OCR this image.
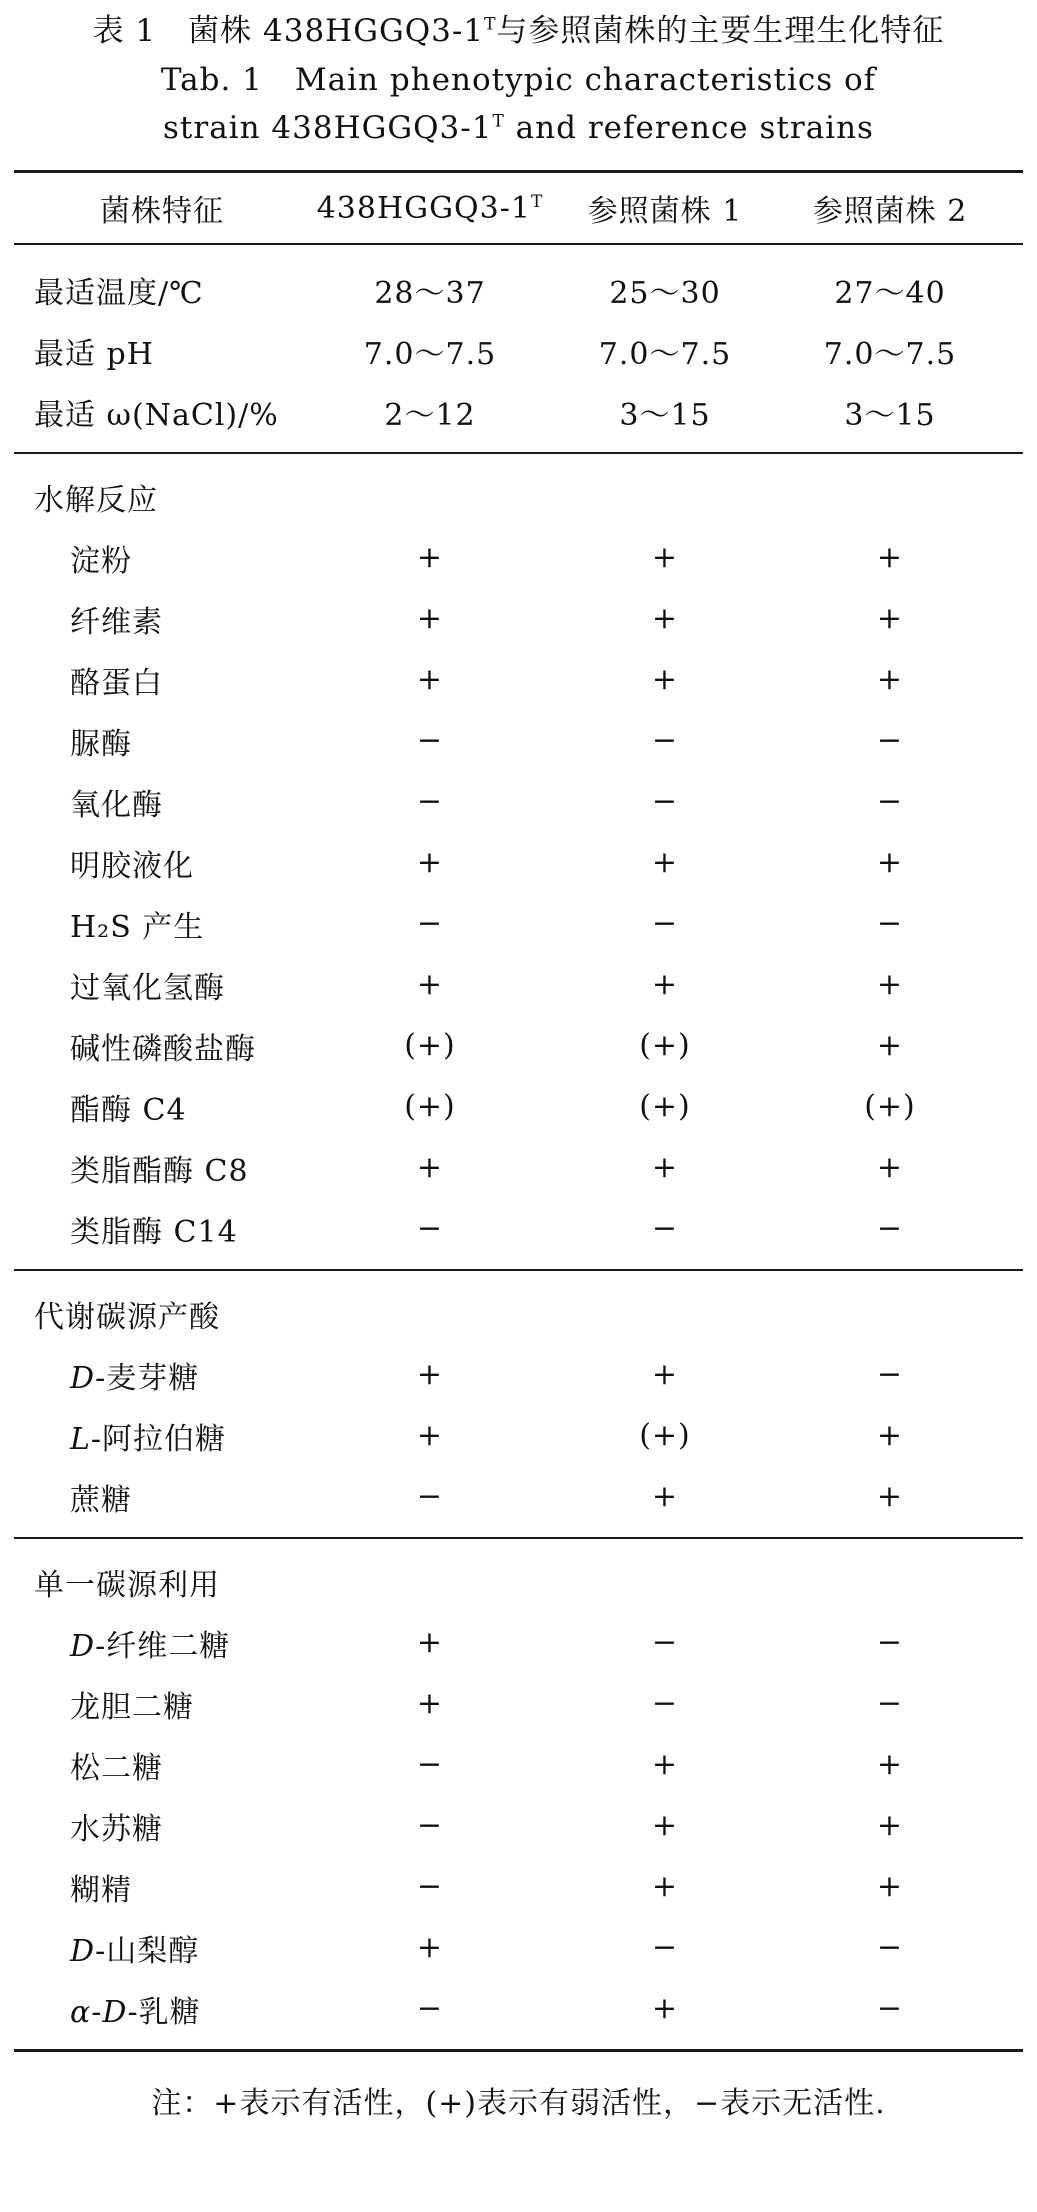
表 1　菌株 $438HGGQ3-1^T$与参照菌株的主要生理生化特征
Tab. 1　Main phenotypic characteristics of
strain $438HGGQ3-1^T$ and reference strains
菌株特征	$438HGGQ3-1^T$	参照菌株 1	参照菌株 2
最适温度/℃	28～37	25～30	27～40
最适 pH	7.0～7.5	7.0～7.5	7.0～7.5
最适 ω(NaCl)/%	2～12	3～15	3～15
水解反应
淀粉	+	+	+
纤维素	+	+	+
酪蛋白	+	+	+
脲酶	−	−	−
氧化酶	−	−	−
明胶液化	+	+	+
H₂S 产生	−	−	−
过氧化氢酶	+	+	+
碱性磷酸盐酶	(+)	(+)	+
酯酶 C4	(+)	(+)	(+)
类脂酯酶 C8	+	+	+
类脂酶 C14	−	−	−
代谢碳源产酸
D-麦芽糖	+	+	−
L-阿拉伯糖	+	(+)	+
蔗糖	−	+	+
单一碳源利用
D-纤维二糖	+	−	−
龙胆二糖	+	−	−
松二糖	−	+	+
水苏糖	−	+	+
糊精	−	+	+
D-山梨醇	+	−	−
α-D-乳糖	−	+	−
注：+表示有活性，(+)表示有弱活性，−表示无活性.
